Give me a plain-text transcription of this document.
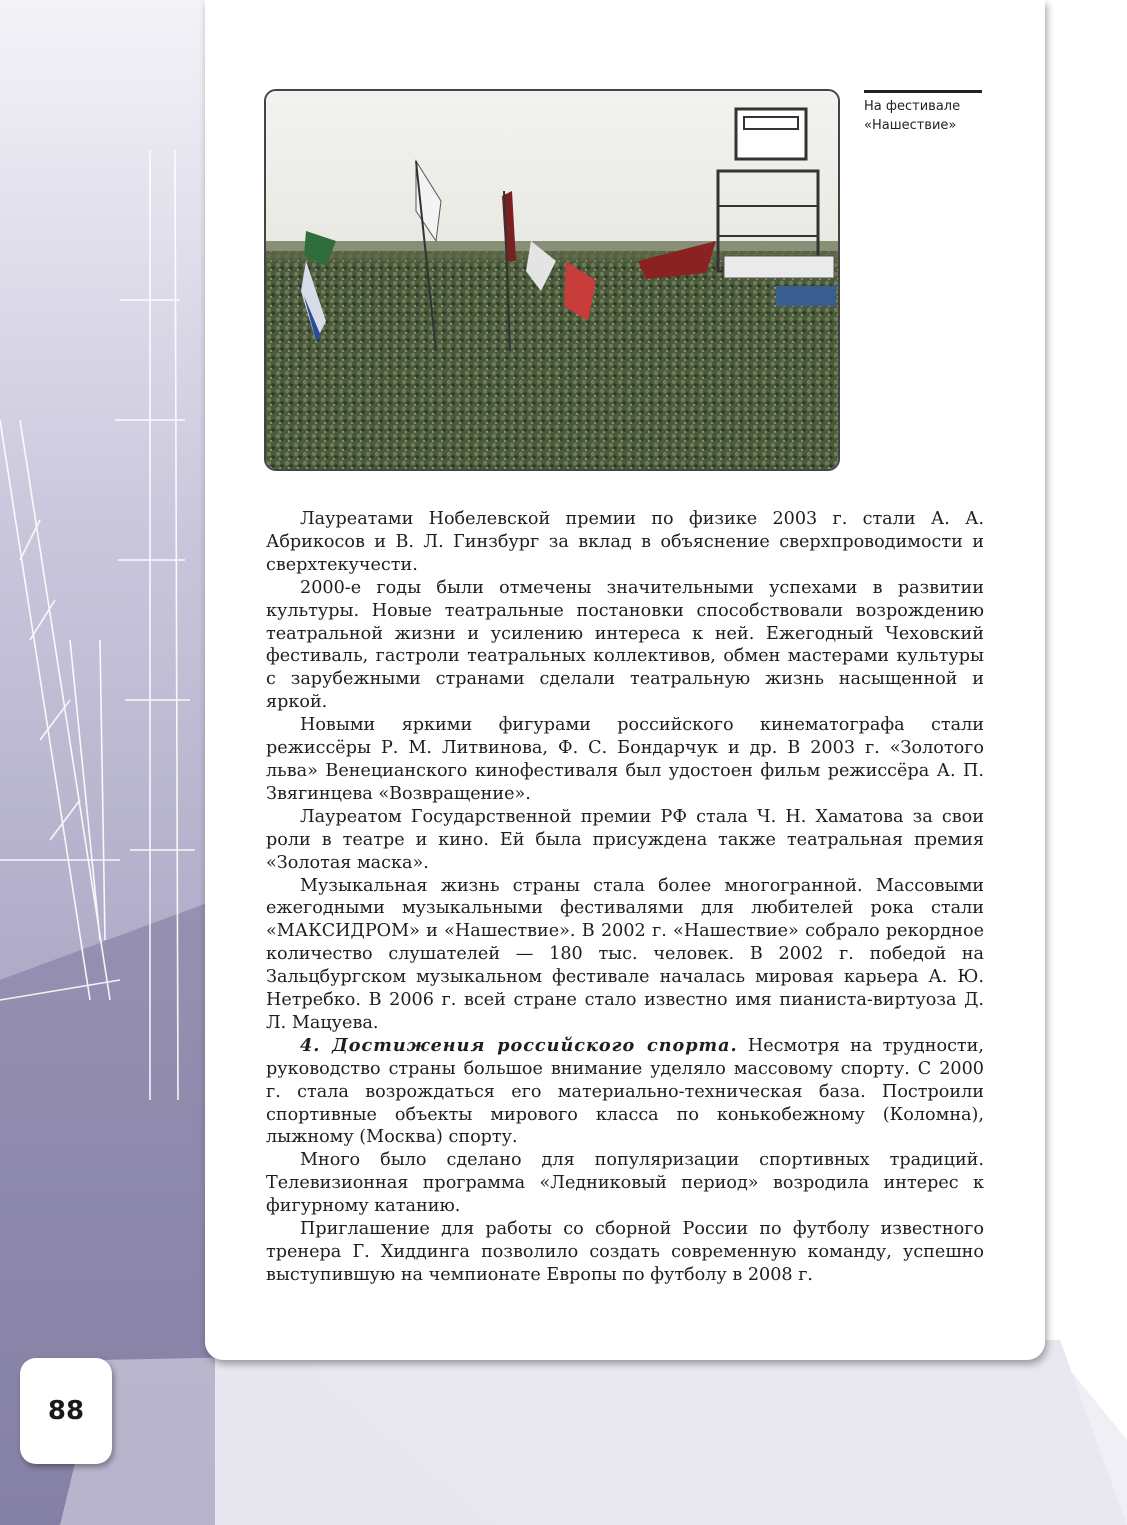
На фестивале
«Нашествие»

Лауреатами Нобелевской премии по физике 2003 г. стали А. А. Абрикосов и В. Л. Гинзбург за вклад в объяснение сверхпроводимости и сверхтекучести.

2000-е годы были отмечены значительными успехами в развитии культуры. Новые театральные постановки способствовали возрождению театральной жизни и усилению интереса к ней. Ежегодный Чеховский фестиваль, гастроли театральных коллективов, обмен мастерами культуры с зарубежными странами сделали театральную жизнь насыщенной и яркой.

Новыми яркими фигурами российского кинематографа стали режиссёры Р. М. Литвинова, Ф. С. Бондарчук и др. В 2003 г. «Золотого льва» Венецианского кинофестиваля был удостоен фильм режиссёра А. П. Звягинцева «Возвращение».

Лауреатом Государственной премии РФ стала Ч. Н. Хаматова за свои роли в театре и кино. Ей была присуждена также театральная премия «Золотая маска».

Музыкальная жизнь страны стала более многогранной. Массовыми ежегодными музыкальными фестивалями для любителей рока стали «МАКСИДРОМ» и «Нашествие». В 2002 г. «Нашествие» собрало рекордное количество слушателей — 180 тыс. человек. В 2002 г. победой на Зальцбургском музыкальном фестивале началась мировая карьера А. Ю. Нетребко. В 2006 г. всей стране стало известно имя пианиста-виртуоза Д. Л. Мацуева.

4. Достижения российского спорта. Несмотря на трудности, руководство страны большое внимание уделяло массовому спорту. С 2000 г. стала возрождаться его материально-техническая база. Построили спортивные объекты мирового класса по конькобежному (Коломна), лыжному (Москва) спорту.

Много было сделано для популяризации спортивных традиций. Телевизионная программа «Ледниковый период» возродила интерес к фигурному катанию.

Приглашение для работы со сборной России по футболу известного тренера Г. Хиддинга позволило создать современную команду, успешно выступившую на чемпионате Европы по футболу в 2008 г.

88
